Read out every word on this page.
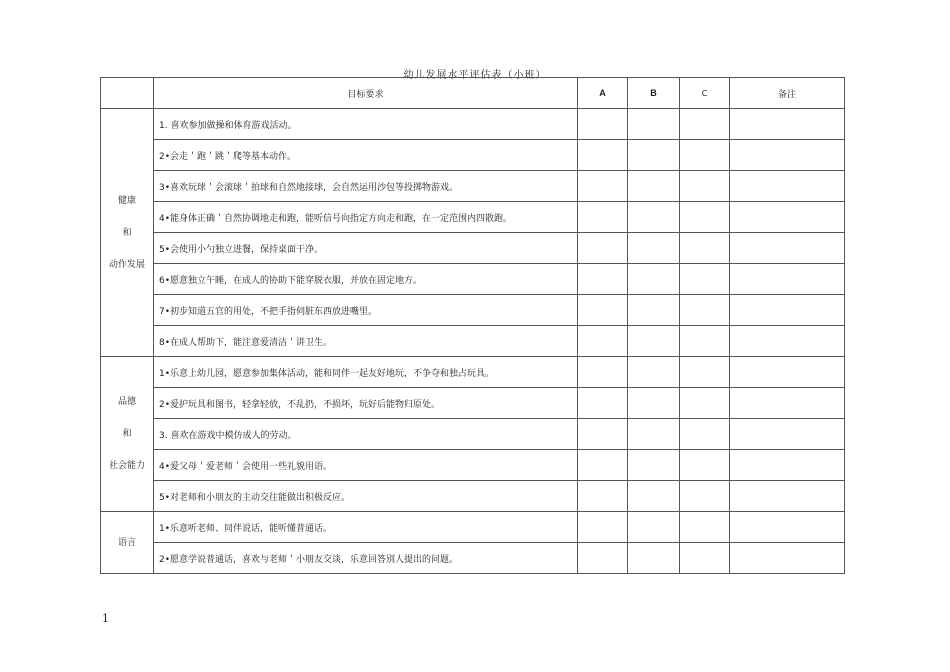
幼儿发展水平评估表（小班）
	目标要求	A	B	C	备注

健康
和
动作发展	1. 喜欢参加做操和体育游戏活动。				
	2•会走＇跑＇跳＇爬等基本动作。				
	3•喜欢玩球＇会滚球＇拍球和自然地接球，会自然运用沙包等投掷物游戏。				
	4•能身体正确＇自然协调地走和跑，能听信号向指定方向走和跑，在一定范围内四散跑。				
	5•会使用小勺独立进餐，保持桌面干净。				
	6•愿意独立午睡，在成人的协助下能穿脱衣服，并放在固定地方。				
	7•初步知道五官的用处，不把手指伺脏东西放进嘴里。				
	8•在成人帮助下，能注意爱清洁＇讲卫生。				

品德
和
社会能力	1•乐意上幼儿园，愿意参加集体活动，能和同伴一起友好地玩，不争夺和独占玩具。				
	2•爱护玩具和图书，轻拿轻放，不乱扔，不损坏，玩好后能物归原处。				
	3. 喜欢在游戏中模仿成人的劳动。				
	4•爱父母＇爱老师＇会使用一些礼貌用语。				
	5•对老师和小朋友的主动交往能做出积极反应。				

语言	1•乐意听老师、同伴说话，能听懂普通话。				
	2•愿意学说普通话，喜欢与老师＇小朋友交谈，乐意回答别人提出的问题。				
1
